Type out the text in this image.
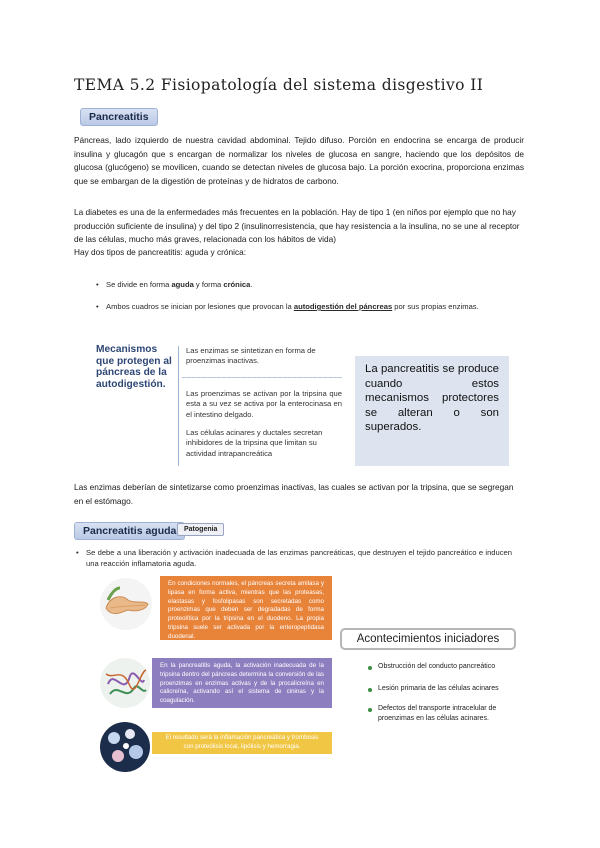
TEMA 5.2 Fisiopatología del sistema disgestivo II
Pancreatitis
Páncreas, lado izquierdo de nuestra cavidad abdominal. Tejido difuso. Porción en endocrina se encarga de producir insulina y glucagón que s encargan de normalizar los niveles de glucosa en sangre, haciendo que los depósitos de glucosa (glucógeno) se movilicen, cuando se detectan niveles de glucosa bajo. La porción exocrina, proporciona enzimas que se embargan de la digestión de proteínas y de hidratos de carbono.
La diabetes es una de la enfermedades más frecuentes en la población. Hay de tipo 1 (en niños por ejemplo que no hay producción suficiente de insulina) y del tipo 2 (insulinorresistencia, que hay resistencia a la insulina, no se une al receptor de las células, mucho más graves, relacionada con los hábitos de vida)
Hay dos tipos de pancreatitis: aguda y crónica:
• Se divide en forma aguda y forma crónica.
• Ambos cuadros se inician por lesiones que provocan la autodigestión del páncreas por sus propias enzimas.
Mecanismos que protegen al páncreas de la autodigestión.
Las enzimas se sintetizan en forma de proenzimas inactivas.
Las proenzimas se activan por la tripsina que esta a su vez se activa por la enterocinasa en el intestino delgado.
Las células acinares y ductales secretan inhibidores de la tripsina que limitan su actividad intrapancreática
La pancreatitis se produce cuando estos mecanismos protectores se alteran o son superados.
Las enzimas deberían de sintetizarse como proenzimas inactivas, las cuales se activan por la tripsina, que se segregan en el estómago.
Pancreatitis aguda	Patogenia
• Se debe a una liberación y activación inadecuada de las enzimas pancreáticas, que destruyen el tejido pancreático e inducen una reacción inflamatoria aguda.
En condiciones normales, el páncreas secreta amilasa y lipasa en forma activa, mientras que las proteasas, elastasas y fosfolipasas son secretadas como proenzimas que deben ser degradadas de forma proteolítica por la tripsina en el duodeno. La propia tripsina suele ser activada por la enteropeptidasa duodenal.
En la pancreatitis aguda, la activación inadecuada de la tripsina dentro del páncreas determina la conversión de las proenzimas en enzimas activas y de la procalicreína en calicreína, activando así el sistema de cininas y la coagulación.
El resultado será la inflamación pancreática y trombosis con proteólisis local, lipólisis y hemorragia.
Acontecimientos iniciadores
Obstrucción del conducto pancreático
Lesión primaria de las células acinares
Defectos del transporte intracelular de proenzimas en las células acinares.
